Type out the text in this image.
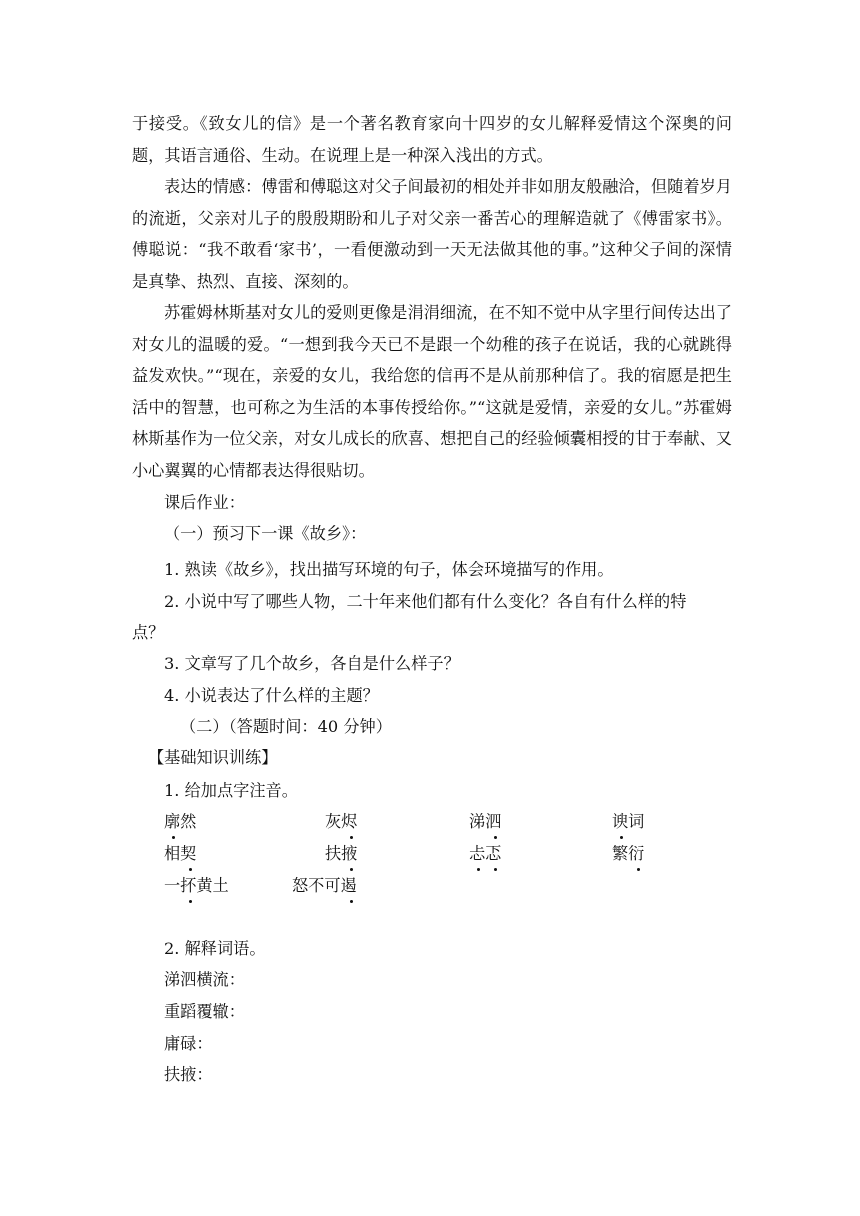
于接受。《致女儿的信》是一个著名教育家向十四岁的女儿解释爱情这个深奥的问题，其语言通俗、生动。在说理上是一种深入浅出的方式。

表达的情感：傅雷和傅聪这对父子间最初的相处并非如朋友般融洽，但随着岁月的流逝，父亲对儿子的殷殷期盼和儿子对父亲一番苦心的理解造就了《傅雷家书》。傅聪说：“我不敢看‘家书’，一看便激动到一天无法做其他的事。”这种父子间的深情是真挚、热烈、直接、深刻的。

苏霍姆林斯基对女儿的爱则更像是涓涓细流，在不知不觉中从字里行间传达出了对女儿的温暖的爱。“一想到我今天已不是跟一个幼稚的孩子在说话，我的心就跳得益发欢快。”“现在，亲爱的女儿，我给您的信再不是从前那种信了。我的宿愿是把生活中的智慧，也可称之为生活的本事传授给你。”“这就是爱情，亲爱的女儿。”苏霍姆林斯基作为一位父亲，对女儿成长的欣喜、想把自己的经验倾囊相授的甘于奉献、又小心翼翼的心情都表达得很贴切。

课后作业：
（一）预习下一课《故乡》：
1. 熟读《故乡》，找出描写环境的句子，体会环境描写的作用。
2. 小说中写了哪些人物，二十年来他们都有什么变化？各自有什么样的特
点？
3. 文章写了几个故乡，各自是什么样子？
4. 小说表达了什么样的主题？
（二）（答题时间：40 分钟）
【基础知识训练】
1. 给加点字注音。
廓然	灰烬	涕泗	谀词
相契	扶掖	忐忑	繁衍
一抔黄土	怒不可遏
2. 解释词语。
涕泗横流：
重蹈覆辙：
庸碌：
扶掖：
